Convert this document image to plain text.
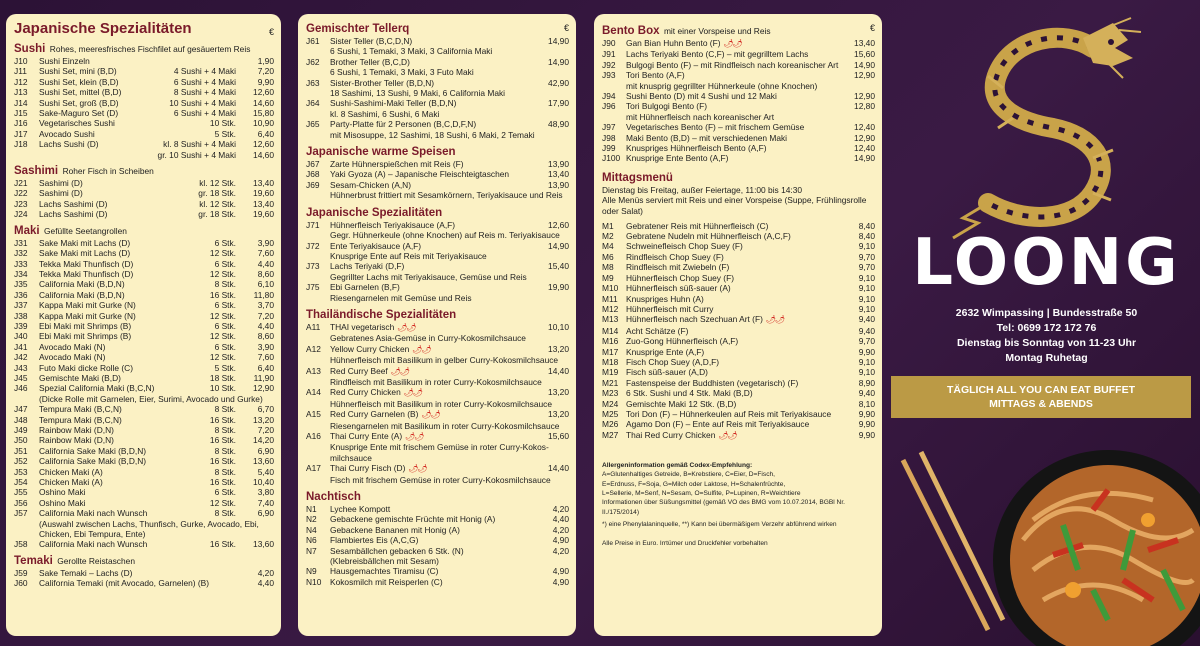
Japanische Spezialitäten	€
Sushi Rohes, meeresfrisches Fischfilet auf gesäuertem Reis
J10	Sushi Einzeln	1,90
J11	Sushi Set, mini (B,D)	4 Sushi + 4 Maki	7,20
J12	Sushi Set, klein (B,D)	6 Sushi + 4 Maki	9,90
J13	Sushi Set, mittel (B,D)	8 Sushi + 4 Maki	12,60
J14	Sushi Set, groß (B,D)	10 Sushi + 4 Maki	14,60
J15	Sake-Maguro Set (D)	6 Sushi + 4 Maki	15,80
J16	Vegetarisches Sushi	10 Stk.	10,90
J17	Avocado Sushi	5 Stk.	6,40
J18	Lachs Sushi (D)	kl. 8 Sushi + 4 Maki	12,60
gr. 10 Sushi + 4 Maki	14,60
Sashimi Roher Fisch in Scheiben
J21	Sashimi (D)	kl. 12 Stk.	13,40
J22	Sashimi (D)	gr. 18 Stk.	19,60
J23	Lachs Sashimi (D)	kl. 12 Stk.	13,40
J24	Lachs Sashimi (D)	gr. 18 Stk.	19,60
Maki Gefüllte Seetangrollen
J31	Sake Maki mit Lachs (D)	6 Stk.	3,90
J32	Sake Maki mit Lachs (D)	12 Stk.	7,60
J33	Tekka Maki Thunfisch (D)	6 Stk.	4,40
J34	Tekka Maki Thunfisch (D)	12 Stk.	8,60
J35	California Maki (B,D,N)	8 Stk.	6,10
J36	California Maki (B,D,N)	16 Stk.	11,80
J37	Kappa Maki mit Gurke (N)	6 Stk.	3,70
J38	Kappa Maki mit Gurke (N)	12 Stk.	7,20
J39	Ebi Maki mit Shrimps (B)	6 Stk.	4,40
J40	Ebi Maki mit Shrimps (B)	12 Stk.	8,60
J41	Avocado Maki (N)	6 Stk.	3,90
J42	Avocado Maki (N)	12 Stk.	7,60
J43	Futo Maki dicke Rolle (C)	5 Stk.	6,40
J45	Gemischte Maki (B,D)	18 Stk.	11,90
J46	Spezial California Maki (B,C,N)	10 Stk.	12,90
(Dicke Rolle mit Garnelen, Eier, Surimi, Avocado und Gurke)
J47	Tempura Maki (B,C,N)	8 Stk.	6,70
J48	Tempura Maki (B,C,N)	16 Stk.	13,20
J49	Rainbow Maki (D,N)	8 Stk.	7,20
J50	Rainbow Maki (D,N)	16 Stk.	14,20
J51	California Sake Maki (B,D,N)	8 Stk.	6,90
J52	California Sake Maki (B,D,N)	16 Stk.	13,60
J53	Chicken Maki (A)	8 Stk.	5,40
J54	Chicken Maki (A)	16 Stk.	10,40
J55	Oshino Maki	6 Stk.	3,80
J56	Oshino Maki	12 Stk.	7,40
J57	California Maki nach Wunsch	8 Stk.	6,90
(Auswahl zwischen Lachs, Thunfisch, Gurke, Avocado, Ebi,
Chicken, Ebi Tempura, Ente)
J58	California Maki nach Wunsch	16 Stk.	13,60
Temaki Gerollte Reistaschen
J59	Sake Temaki – Lachs (D)	4,20
J60	California Temaki (mit Avocado, Garnelen) (B)	4,40
Gemischter Tellerq	€
J61	Sister Teller (B,C,D,N)	14,90
6 Sushi, 1 Temaki, 3 Maki, 3 California Maki
J62	Brother Teller (B,C,D)	14,90
6 Sushi, 1 Temaki, 3 Maki, 3 Futo Maki
J63	Sister-Brother Teller (B,D,N)	42,90
18 Sashimi, 13 Sushi, 9 Maki, 6 California Maki
J64	Sushi-Sashimi-Maki Teller (B,D,N)	17,90
kl. 8 Sashimi, 6 Sushi, 6 Maki
J65	Party-Platte für 2 Personen (B,C,D,F,N)	48,90
mit Misosuppe, 12 Sashimi, 18 Sushi, 6 Maki, 2 Temaki
Japanische warme Speisen
J67	Zarte Hühnerspießchen mit Reis (F)	13,90
J68	Yaki Gyoza (A) – Japanische Fleischteigtaschen	13,40
J69	Sesam-Chicken (A,N)	13,90
Hühnerbrust frittiert mit Sesamkörnern, Teriyakisauce und Reis
Japanische Spezialitäten
J71	Hühnerfleisch Teriyakisauce (A,F)	12,60
Gegr. Hühnerkeule (ohne Knochen) auf Reis m. Teriyakisauce
J72	Ente Teriyakisauce (A,F)	14,90
Knusprige Ente auf Reis mit Teriyakisauce
J73	Lachs Teriyaki (D,F)	15,40
Gegrillter Lachs mit Teriyakisauce, Gemüse und Reis
J75	Ebi Garnelen (B,F)	19,90
Riesengarnelen mit Gemüse und Reis
Thailändische Spezialitäten
A11	THAI vegetarisch 🌶🌶	10,10
Gebratenes Asia-Gemüse in Curry-Kokosmilchsauce
A12	Yellow Curry Chicken 🌶🌶	13,20
Hühnerfleisch mit Basilikum in gelber Curry-Kokosmilchsauce
A13	Red Curry Beef 🌶🌶	14,40
Rindfleisch mit Basilikum in roter Curry-Kokosmilchsauce
A14	Red Curry Chicken 🌶🌶	13,20
Hühnerfleisch mit Basilikum in roter Curry-Kokosmilchsauce
A15	Red Curry Garnelen (B) 🌶🌶	13,20
Riesengarnelen mit Basilikum in roter Curry-Kokosmilchsauce
A16	Thai Curry Ente (A) 🌶🌶	15,60
Knusprige Ente mit frischem Gemüse in roter Curry-Kokos-
milchsauce
A17	Thai Curry Fisch (D) 🌶🌶	14,40
Fisch mit frischem Gemüse in roter Curry-Kokosmilchsauce
Nachtisch
N1	Lychee Kompott	4,20
N2	Gebackene gemischte Früchte mit Honig (A)	4,40
N4	Gebackene Bananen mit Honig (A)	4,20
N6	Flambiertes Eis (A,C,G)	4,90
N7	Sesambällchen gebacken 6 Stk. (N)	4,20
(Klebreisbällchen mit Sesam)
N9	Hausgemachtes Tiramisu (C)	4,90
N10	Kokosmilch mit Reisperlen (C)	4,90
Bento Box mit einer Vorspeise und Reis	€
J90	Gan Bian Huhn Bento (F) 🌶🌶	13,40
J91	Lachs Teriyaki Bento (C,F) – mit gegrilltem Lachs	15,60
J92	Bulgogi Bento (F) – mit Rindfleisch nach koreanischer Art	14,90
J93	Tori Bento (A,F)	12,90
mit knusprig gegrillter Hühnerkeule (ohne Knochen)
J94	Sushi Bento (D) mit 4 Sushi und 12 Maki	12,90
J96	Tori Bulgogi Bento (F)	12,80
mit Hühnerfleisch nach koreanischer Art
J97	Vegetarisches Bento (F) – mit frischem Gemüse	12,40
J98	Maki Bento (B,D) – mit verschiedenen Maki	12,90
J99	Knuspriges Hühnerfleisch Bento (A,F)	12,40
J100 Knusprige Ente Bento (A,F)	14,90
Mittagsmenü
Dienstag bis Freitag, außer Feiertage, 11:00 bis 14:30
Alle Menüs serviert mit Reis und einer Vorspeise (Suppe, Frühlingsrolle
oder Salat)
M1	Gebratener Reis mit Hühnerfleisch (C)	8,40
M2	Gebratene Nudeln mit Hühnerfleisch (A,C,F)	8,40
M4	Schweinefleisch Chop Suey (F)	9,10
M6	Rindfleisch Chop Suey (F)	9,70
M8	Rindfleisch mit Zwiebeln (F)	9,70
M9	Hühnerfleisch Chop Suey (F)	9,10
M10 Hühnerfleisch süß-sauer (A)	9,10
M11 Knuspriges Huhn (A)	9,10
M12 Hühnerfleisch mit Curry	9,10
M13 Hühnerfleisch nach Szechuan Art (F) 🌶🌶	9,40
M14 Acht Schätze (F)	9,40
M16 Zuo-Gong Hühnerfleisch (A,F)	9,70
M17 Knusprige Ente (A,F)	9,90
M18 Fisch Chop Suey (A,D,F)	9,10
M19 Fisch süß-sauer (A,D)	9,10
M21 Fastenspeise der Buddhisten (vegetarisch) (F)	8,90
M23 6 Stk. Sushi und 4 Stk. Maki (B,D)	9,40
M24 Gemischte Maki 12 Stk. (B,D)	8,10
M25 Tori Don (F) – Hühnerkeulen auf Reis mit Teriyakisauce	9,90
M26 Agamo Don (F) – Ente auf Reis mit Teriyakisauce	9,90
M27 Thai Red Curry Chicken 🌶🌶	9,90
Allergeninformation gemäß Codex-Empfehlung:
A=Glutenhaltiges Getreide, B=Krebstiere, C=Eier, D=Fisch,
E=Erdnuss, F=Soja, G=Milch oder Laktose, H=Schalenfrüchte,
L=Sellerie, M=Senf, N=Sesam, O=Sulfite, P=Lupinen, R=Weichtiere
Informationen über Süßungsmittel (gemäß VO des BMG vom 10.07.2014, BGBl Nr.
II./175/2014)
*) eine Phenylalaninquelle, **) Kann bei übermäßigem Verzehr abführend wirken
Alle Preise in Euro. Irrtümer und Druckfehler vorbehalten
LOONG
2632 Wimpassing | Bundesstraße 50
Tel: 0699 172 172 76
Dienstag bis Sonntag von 11-23 Uhr
Montag Ruhetag
TÄGLICH ALL YOU CAN EAT BUFFET
MITTAGS & ABENDS
